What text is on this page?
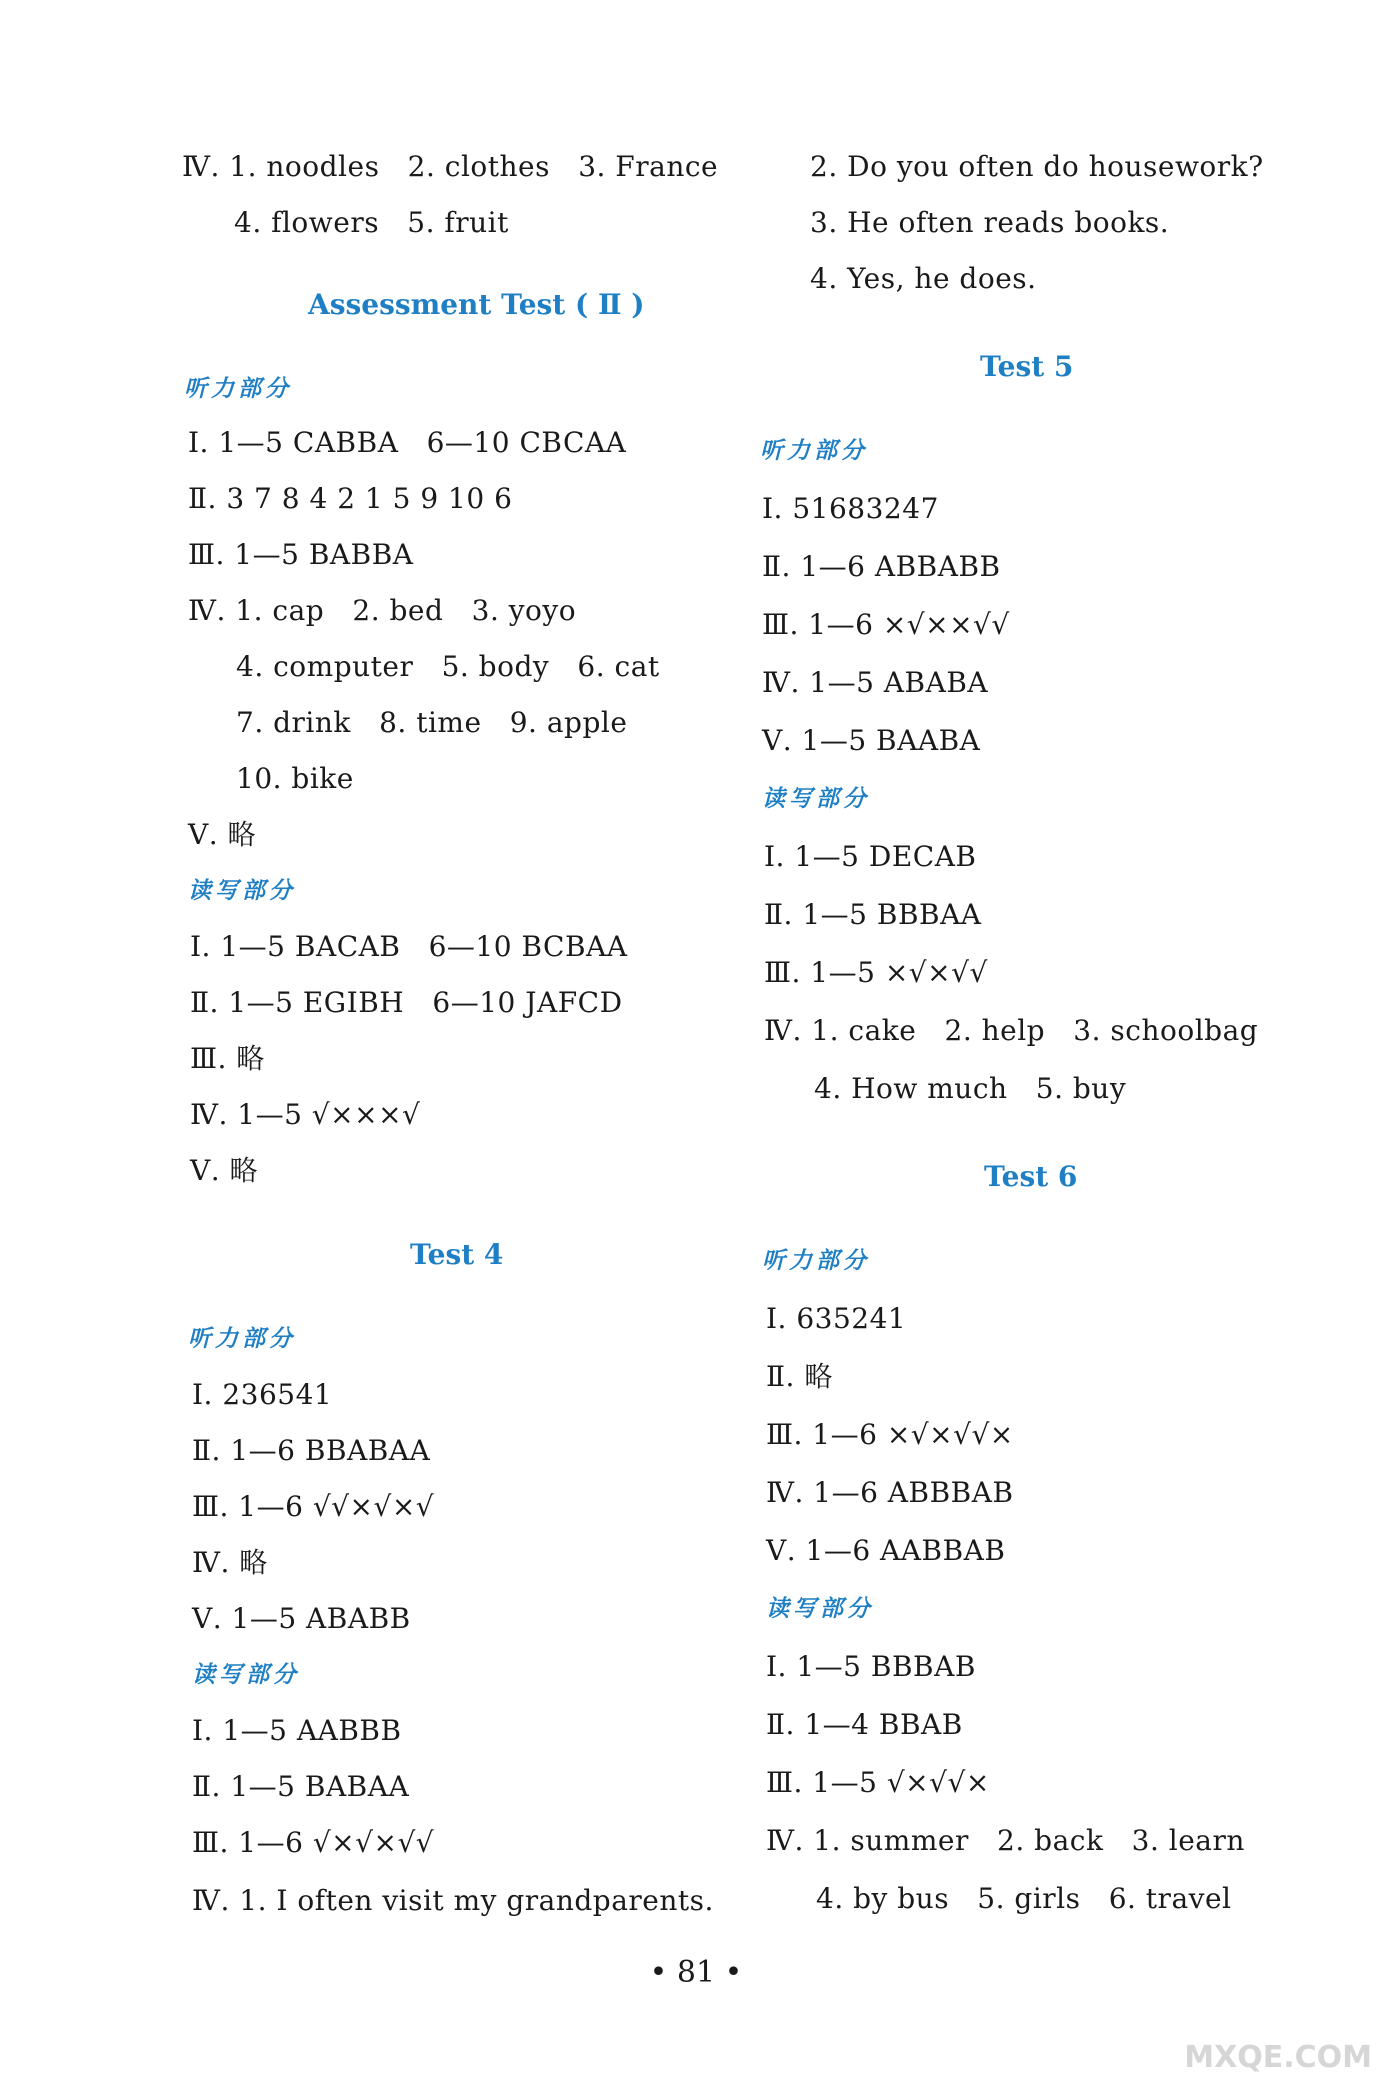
Ⅳ. 1. noodles   2. clothes   3. France
4. flowers   5. fruit
Assessment Test ( Ⅱ )
听力部分
Ⅰ. 1—5 CABBA   6—10 CBCAA
Ⅱ. 3 7 8 4 2 1 5 9 10 6
Ⅲ. 1—5 BABBA
Ⅳ. 1. cap   2. bed   3. yoyo
4. computer   5. body   6. cat
7. drink   8. time   9. apple
10. bike
Ⅴ. 略
读写部分
Ⅰ. 1—5 BACAB   6—10 BCBAA
Ⅱ. 1—5 EGIBH   6—10 JAFCD
Ⅲ. 略
Ⅳ. 1—5 √×××√
Ⅴ. 略
Test 4
听力部分
Ⅰ. 236541
Ⅱ. 1—6 BBABAA
Ⅲ. 1—6 √√×√×√
Ⅳ. 略
Ⅴ. 1—5 ABABB
读写部分
Ⅰ. 1—5 AABBB
Ⅱ. 1—5 BABAA
Ⅲ. 1—6 √×√×√√
Ⅳ. 1. I often visit my grandparents.
2. Do you often do housework?
3. He often reads books.
4. Yes, he does.
Test 5
听力部分
Ⅰ. 51683247
Ⅱ. 1—6 ABBABB
Ⅲ. 1—6 ×√××√√
Ⅳ. 1—5 ABABA
Ⅴ. 1—5 BAABA
读写部分
Ⅰ. 1—5 DECAB
Ⅱ. 1—5 BBBAA
Ⅲ. 1—5 ×√×√√
Ⅳ. 1. cake   2. help   3. schoolbag
4. How much   5. buy
Test 6
听力部分
Ⅰ. 635241
Ⅱ. 略
Ⅲ. 1—6 ×√×√√×
Ⅳ. 1—6 ABBBAB
Ⅴ. 1—6 AABBAB
读写部分
Ⅰ. 1—5 BBBAB
Ⅱ. 1—4 BBAB
Ⅲ. 1—5 √×√√×
Ⅳ. 1. summer   2. back   3. learn
4. by bus   5. girls   6. travel
• 81 •
MXQE.COM
